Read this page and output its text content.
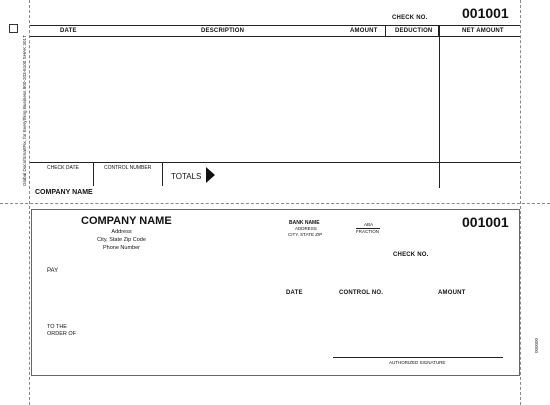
Global Docs/SmartFix, for Everything Business 800-203-6100 SHAK 301T
CHECK NO. 001001
DATE	DESCRIPTION	AMOUNT	DEDUCTION	NET AMOUNT
CHECK DATE	CONTROL NUMBER
TOTALS
COMPANY NAME
COMPANY NAME
Address
City, State Zip Code
Phone Number
BANK NAME
ADDRESS
CITY, STATE ZIP
ABA
FRACTION
001001
CHECK NO.
PAY
DATE	CONTROL NO.	AMOUNT
TO THE
ORDER OF
AUTHORIZED SIGNATURE
000000
